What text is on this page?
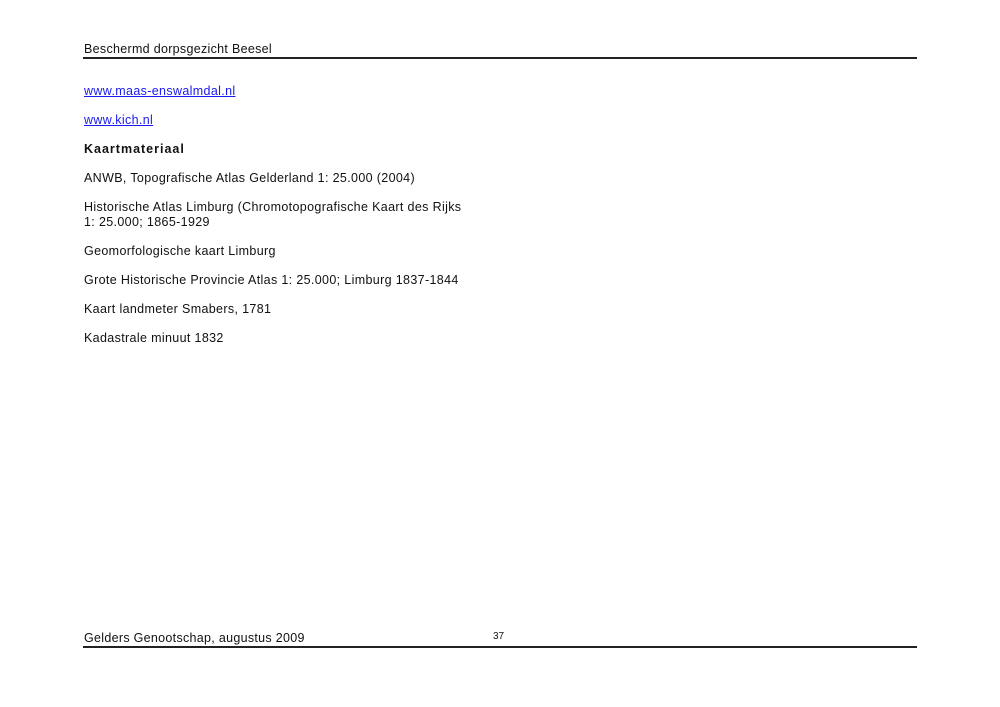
Beschermd dorpsgezicht Beesel

www.maas-enswalmdal.nl

www.kich.nl

Kaartmateriaal

ANWB, Topografische Atlas Gelderland 1: 25.000 (2004)

Historische Atlas Limburg (Chromotopografische Kaart des Rijks
1: 25.000; 1865-1929

Geomorfologische kaart Limburg

Grote Historische Provincie Atlas 1: 25.000; Limburg 1837-1844

Kaart landmeter Smabers, 1781

Kadastrale minuut 1832

Gelders Genootschap, augustus 2009	37
